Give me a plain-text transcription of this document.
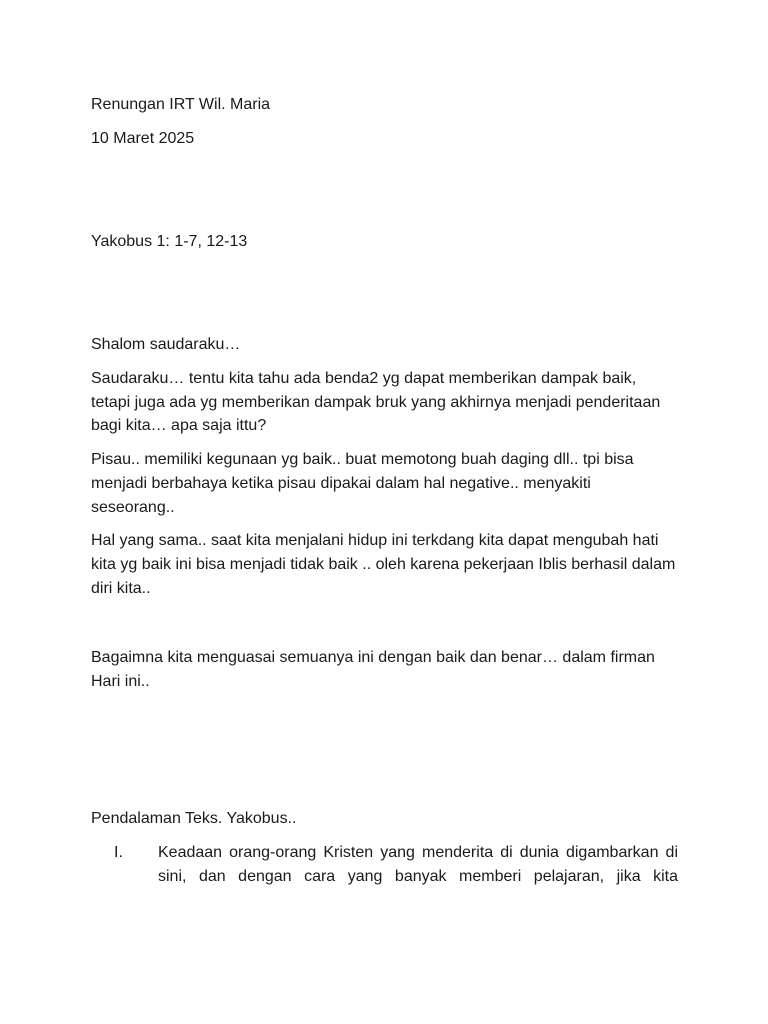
Renungan IRT Wil. Maria
10 Maret 2025
Yakobus 1: 1-7, 12-13
Shalom saudaraku…
Saudaraku… tentu kita tahu ada benda2 yg dapat memberikan dampak baik,
tetapi juga ada yg memberikan dampak bruk yang akhirnya menjadi penderitaan
bagi kita… apa saja ittu?
Pisau.. memiliki kegunaan yg baik.. buat memotong buah daging dll.. tpi bisa
menjadi berbahaya ketika pisau dipakai dalam hal negative.. menyakiti
seseorang..
Hal yang sama.. saat kita menjalani hidup ini terkdang kita dapat mengubah hati
kita yg baik ini bisa menjadi tidak baik .. oleh karena pekerjaan Iblis berhasil dalam
diri kita..
Bagaimna kita menguasai semuanya ini dengan baik dan benar… dalam firman
Hari ini..
Pendalaman Teks. Yakobus..
I. Keadaan orang-orang Kristen yang menderita di dunia digambarkan di
sini, dan dengan cara yang banyak memberi pelajaran, jika kita
